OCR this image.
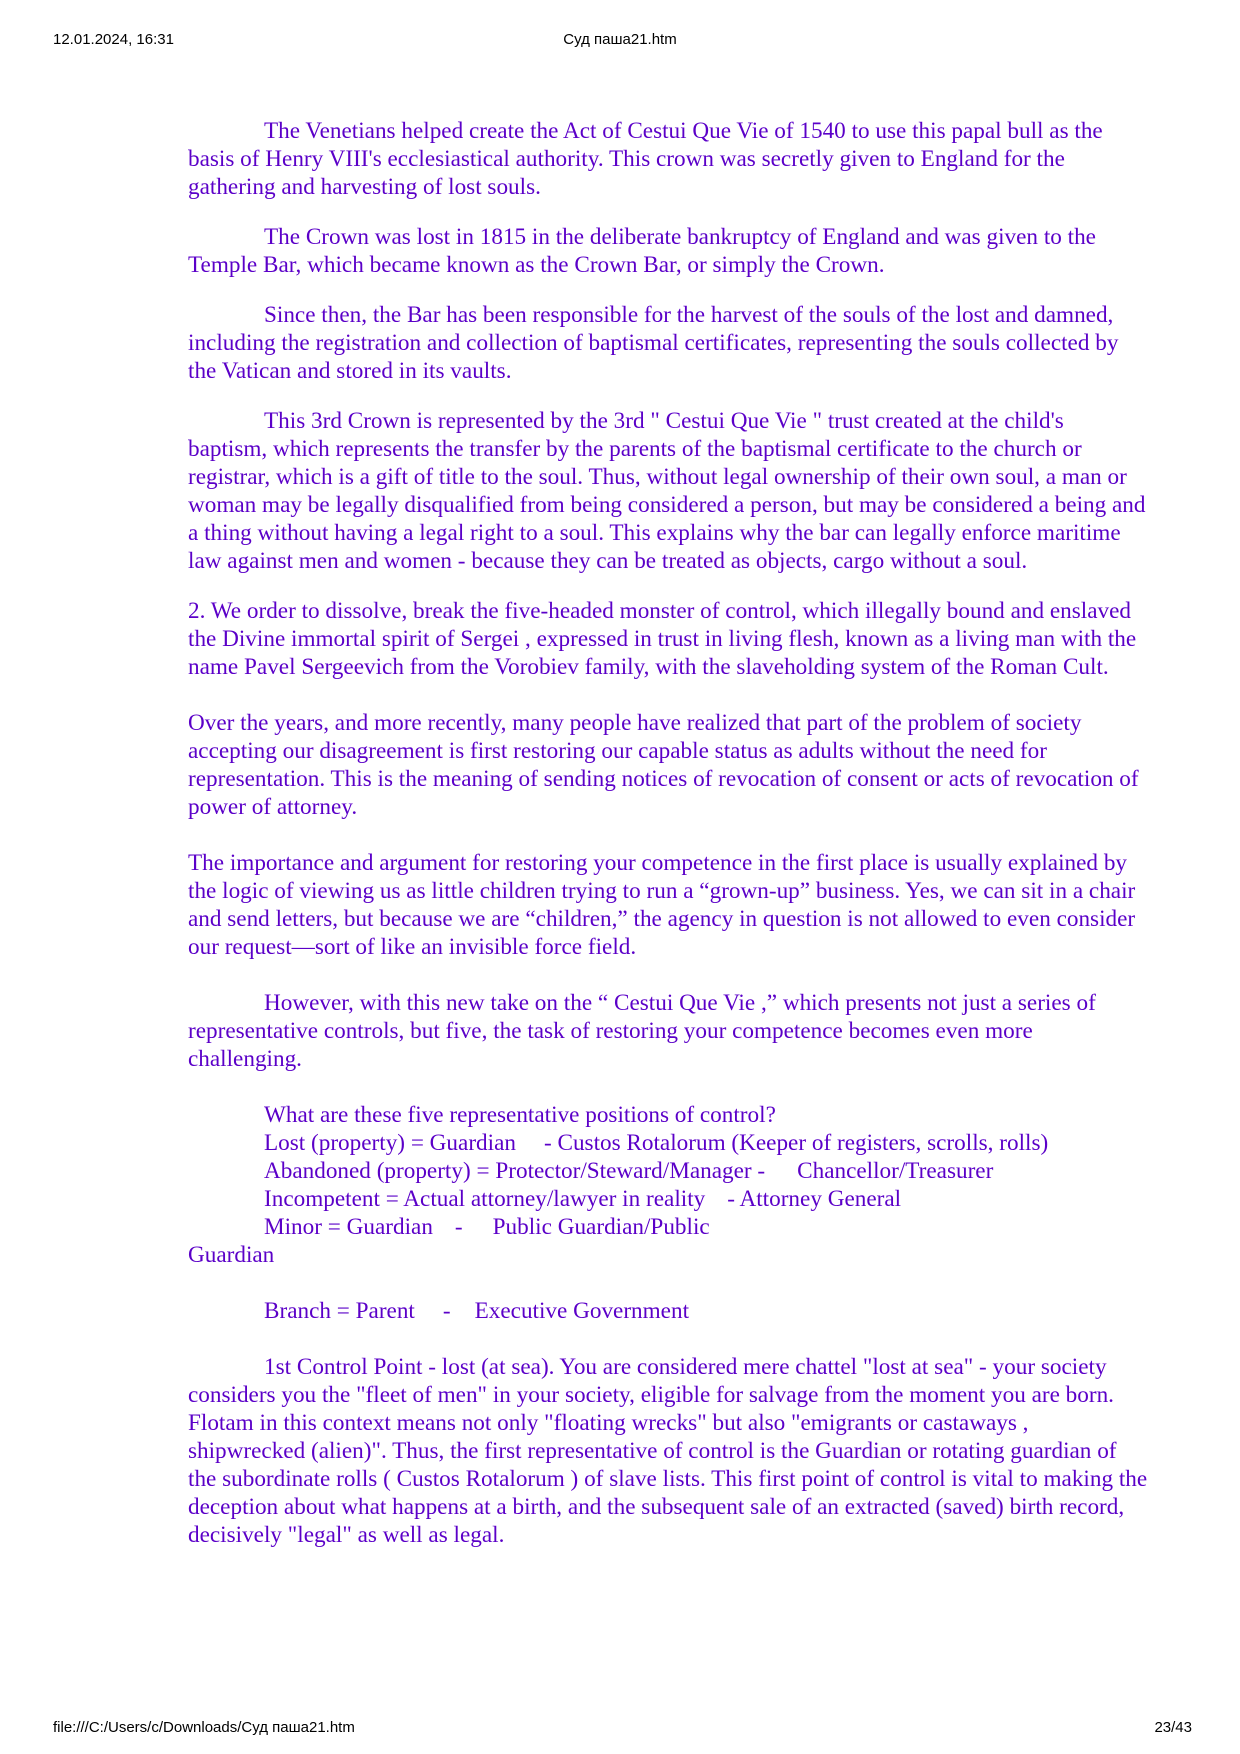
12.01.2024, 16:31	Суд паша21.htm

The Venetians helped create the Act of Cestui Que Vie of 1540 to use this papal bull as the basis of Henry VIII's ecclesiastical authority. This crown was secretly given to England for the gathering and harvesting of lost souls.

The Crown was lost in 1815 in the deliberate bankruptcy of England and was given to the Temple Bar, which became known as the Crown Bar, or simply the Crown.

Since then, the Bar has been responsible for the harvest of the souls of the lost and damned, including the registration and collection of baptismal certificates, representing the souls collected by the Vatican and stored in its vaults.

This 3rd Crown is represented by the 3rd " Cestui Que Vie " trust created at the child's baptism, which represents the transfer by the parents of the baptismal certificate to the church or registrar, which is a gift of title to the soul. Thus, without legal ownership of their own soul, a man or woman may be legally disqualified from being considered a person, but may be considered a being and a thing without having a legal right to a soul. This explains why the bar can legally enforce maritime law against men and women - because they can be treated as objects, cargo without a soul.

2. We order to dissolve, break the five-headed monster of control, which illegally bound and enslaved the Divine immortal spirit of Sergei , expressed in trust in living flesh, known as a living man with the name Pavel Sergeevich from the Vorobiev family, with the slaveholding system of the Roman Cult.

Over the years, and more recently, many people have realized that part of the problem of society accepting our disagreement is first restoring our capable status as adults without the need for representation. This is the meaning of sending notices of revocation of consent or acts of revocation of power of attorney.

The importance and argument for restoring your competence in the first place is usually explained by the logic of viewing us as little children trying to run a “grown-up” business. Yes, we can sit in a chair and send letters, but because we are “children,” the agency in question is not allowed to even consider our request—sort of like an invisible force field.

However, with this new take on the “ Cestui Que Vie ,” which presents not just a series of representative controls, but five, the task of restoring your competence becomes even more challenging.

What are these five representative positions of control?
Lost (property) = Guardian - Custos Rotalorum (Keeper of registers, scrolls, rolls)
Abandoned (property) = Protector/Steward/Manager - Chancellor/Treasurer
Incompetent = Actual attorney/lawyer in reality - Attorney General
Minor = Guardian - Public Guardian/Public
Guardian
Branch = Parent - Executive Government

1st Control Point - lost (at sea). You are considered mere chattel "lost at sea" - your society considers you the "fleet of men" in your society, eligible for salvage from the moment you are born. Flotam in this context means not only "floating wrecks" but also "emigrants or castaways , shipwrecked (alien)". Thus, the first representative of control is the Guardian or rotating guardian of the subordinate rolls ( Custos Rotalorum ) of slave lists. This first point of control is vital to making the deception about what happens at a birth, and the subsequent sale of an extracted (saved) birth record, decisively "legal" as well as legal.

file:///C:/Users/c/Downloads/Суд паша21.htm	23/43
